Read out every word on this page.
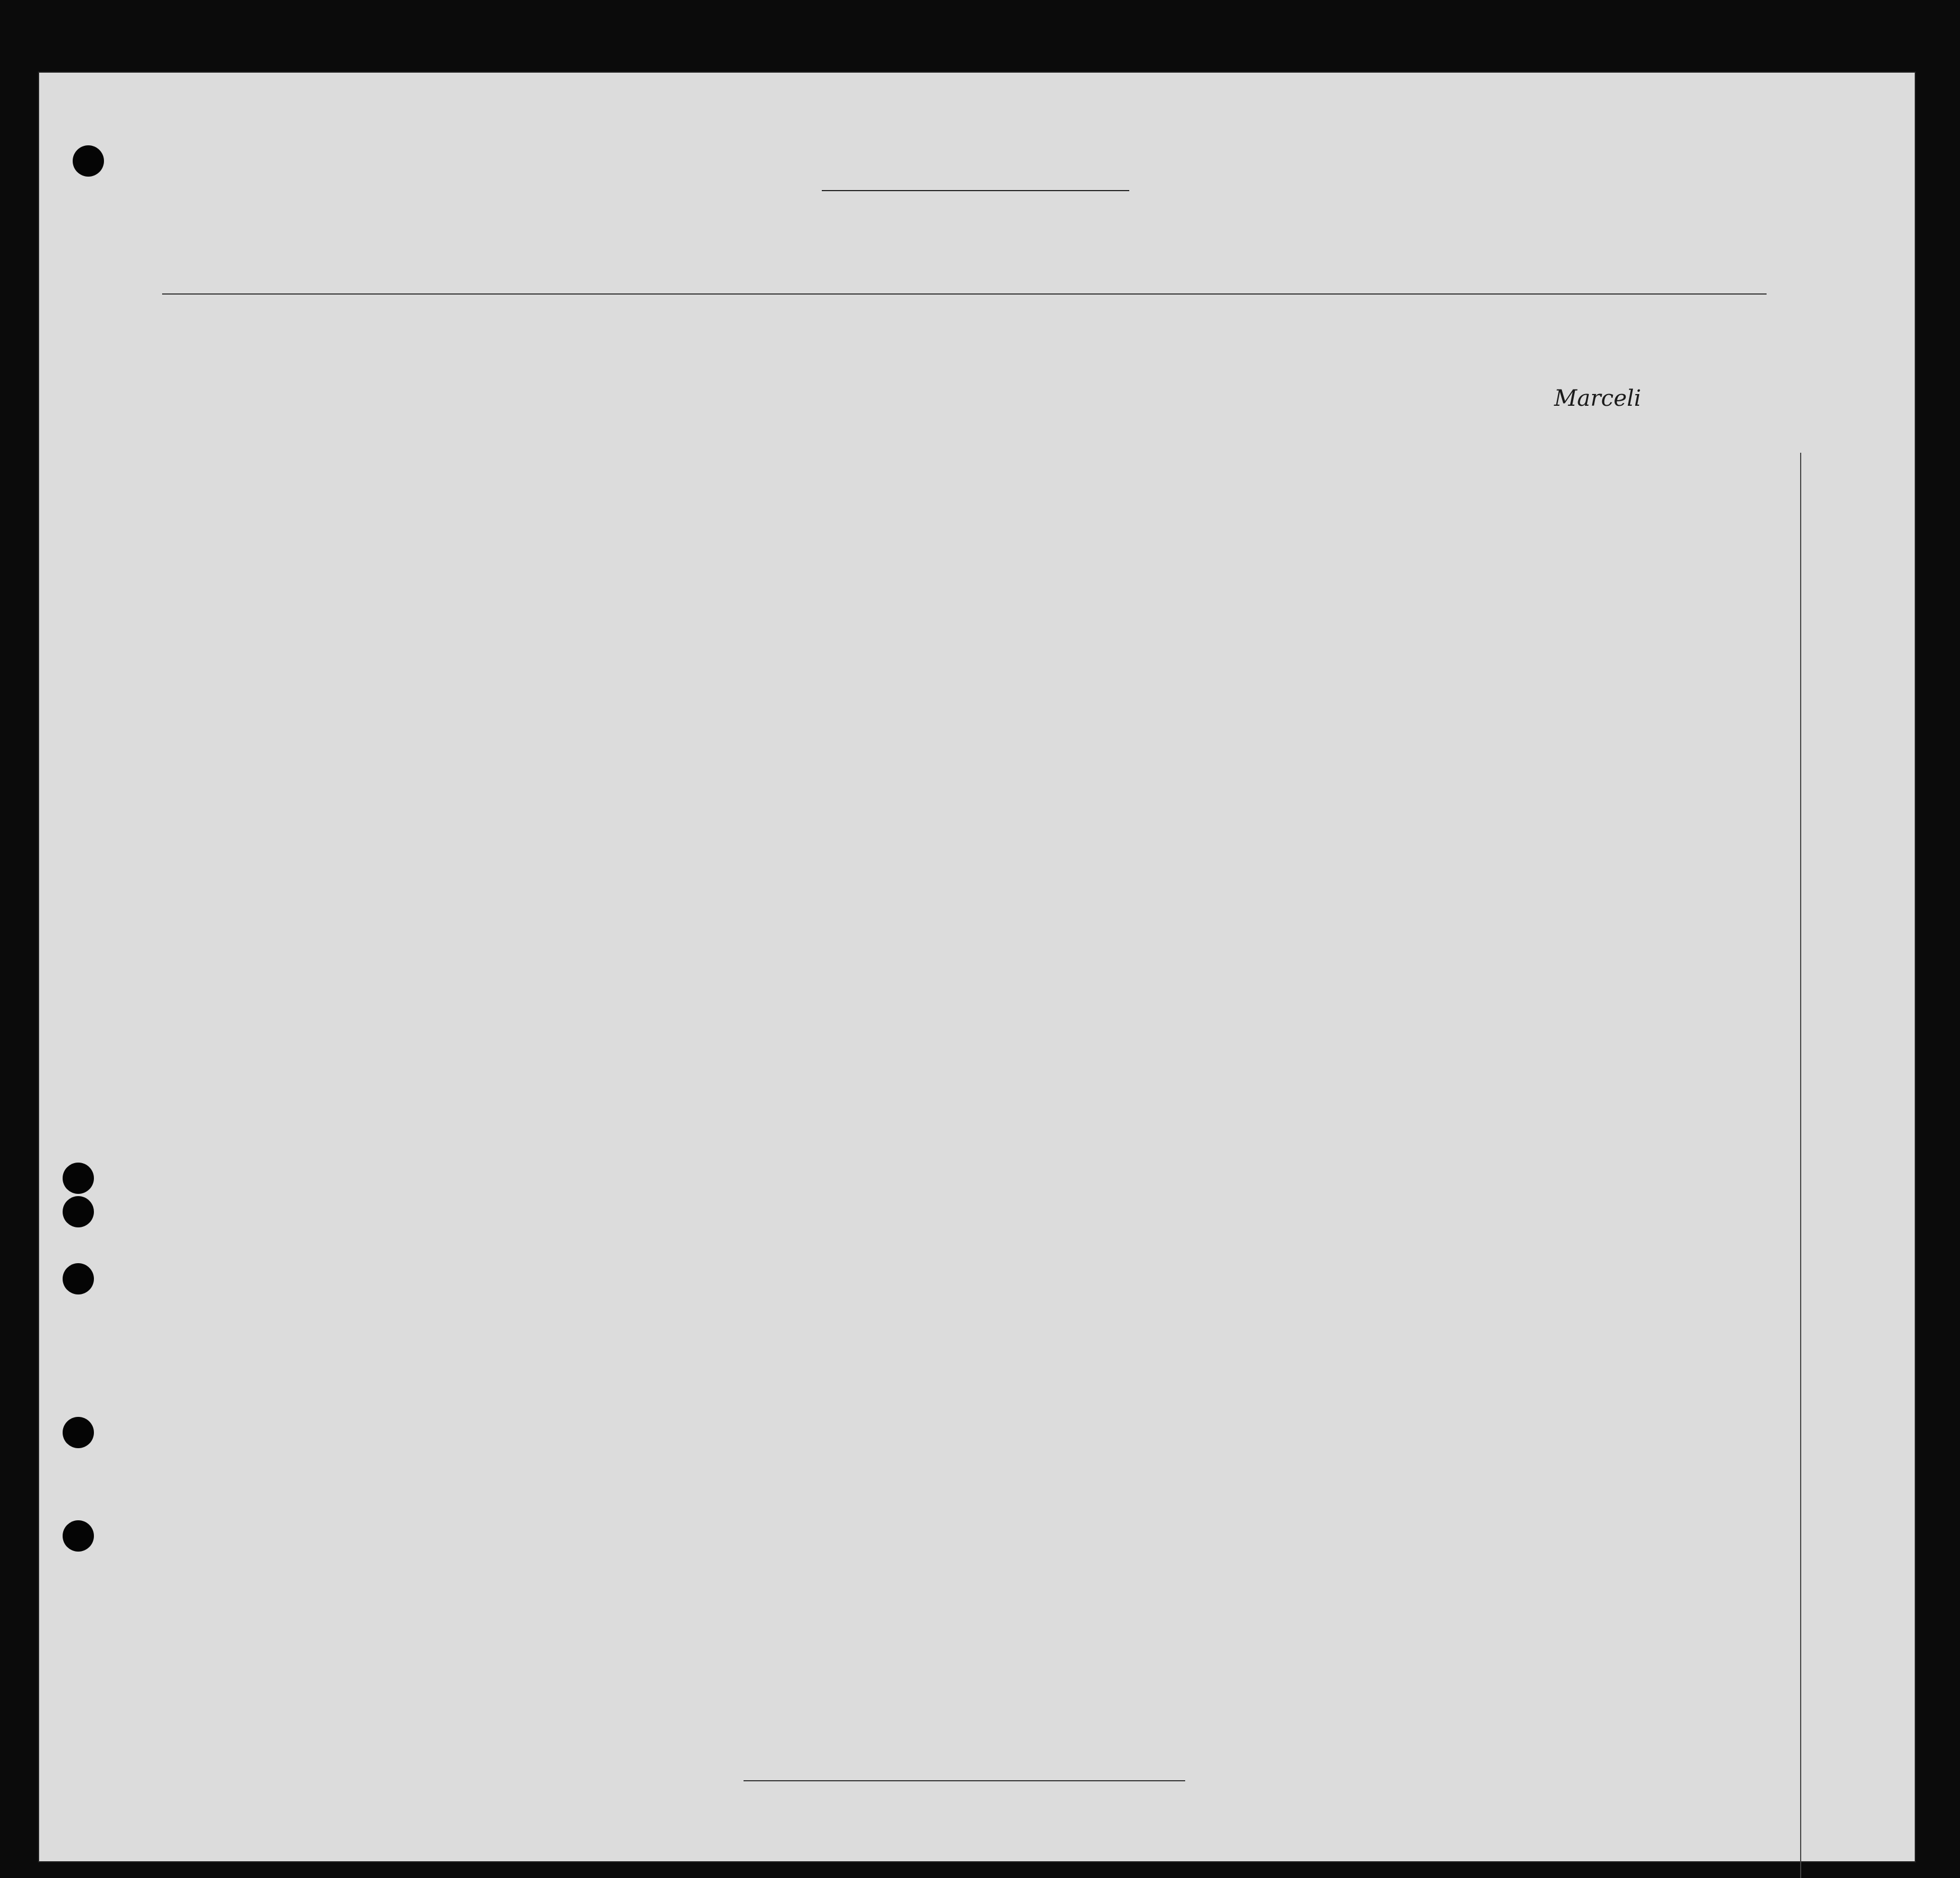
Marceli
